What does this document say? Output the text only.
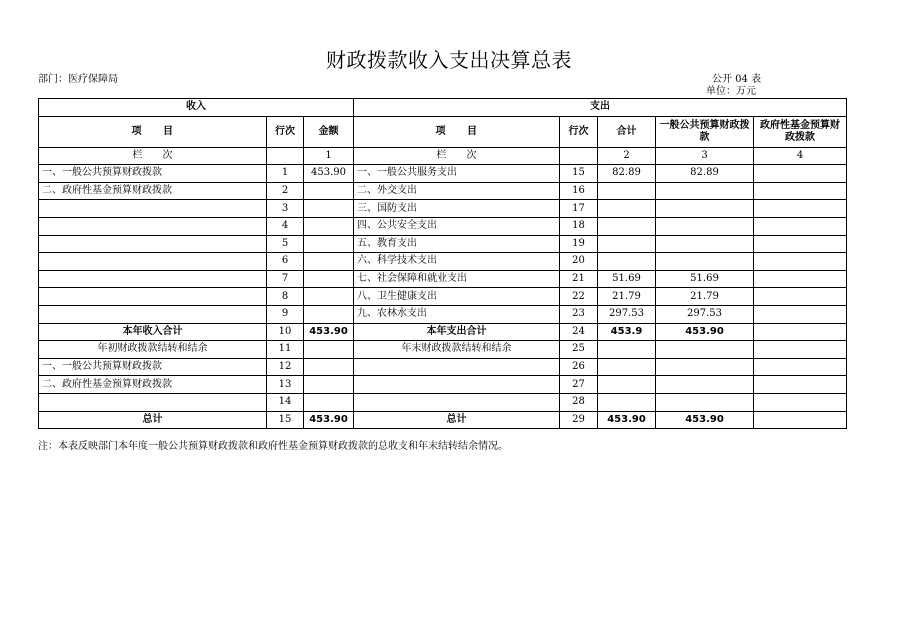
财政拨款收入支出决算总表
部门：医疗保障局	公开 04 表
单位：万元
收入			支出				
项　　目	行次	金额	项　　目	行次	合计	一般公共预算财政拨款	政府性基金预算财政拨款
栏　　次		1	栏　　次		2	3	4
一、一般公共预算财政拨款	1	453.90	一、一般公共服务支出	15	82.89	82.89	
二、政府性基金预算财政拨款	2		二、外交支出	16			
	3		三、国防支出	17			
	4		四、公共安全支出	18			
	5		五、教育支出	19			
	6		六、科学技术支出	20			
	7		七、社会保障和就业支出	21	51.69	51.69	
	8		八、卫生健康支出	22	21.79	21.79	
	9		九、农林水支出	23	297.53	297.53	
本年收入合计	10	453.90	本年支出合计	24	453.9	453.90	
年初财政拨款结转和结余	11		年末财政拨款结转和结余	25			
一、一般公共预算财政拨款	12			26			
二、政府性基金预算财政拨款	13			27			
	14			28			
总计	15	453.90	总计	29	453.90	453.90	
注：本表反映部门本年度一般公共预算财政拨款和政府性基金预算财政拨款的总收支和年末结转结余情况。
